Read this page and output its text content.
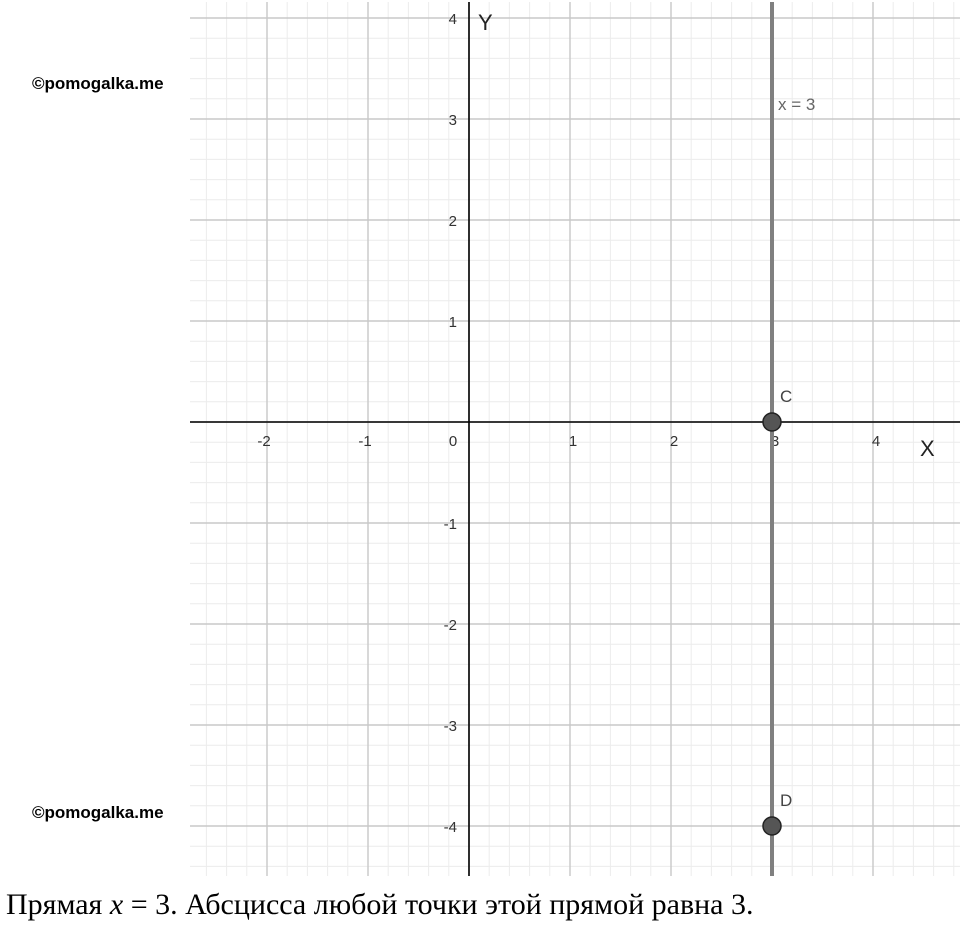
X
Y
-2	-1	0	1	2	3	4
-4
-3
-2
-1
1
2
3
4
x = 3
C
D
©pomogalka.me
©pomogalka.me
Прямая x = 3. Абсцисса любой точки этой прямой равна 3.
